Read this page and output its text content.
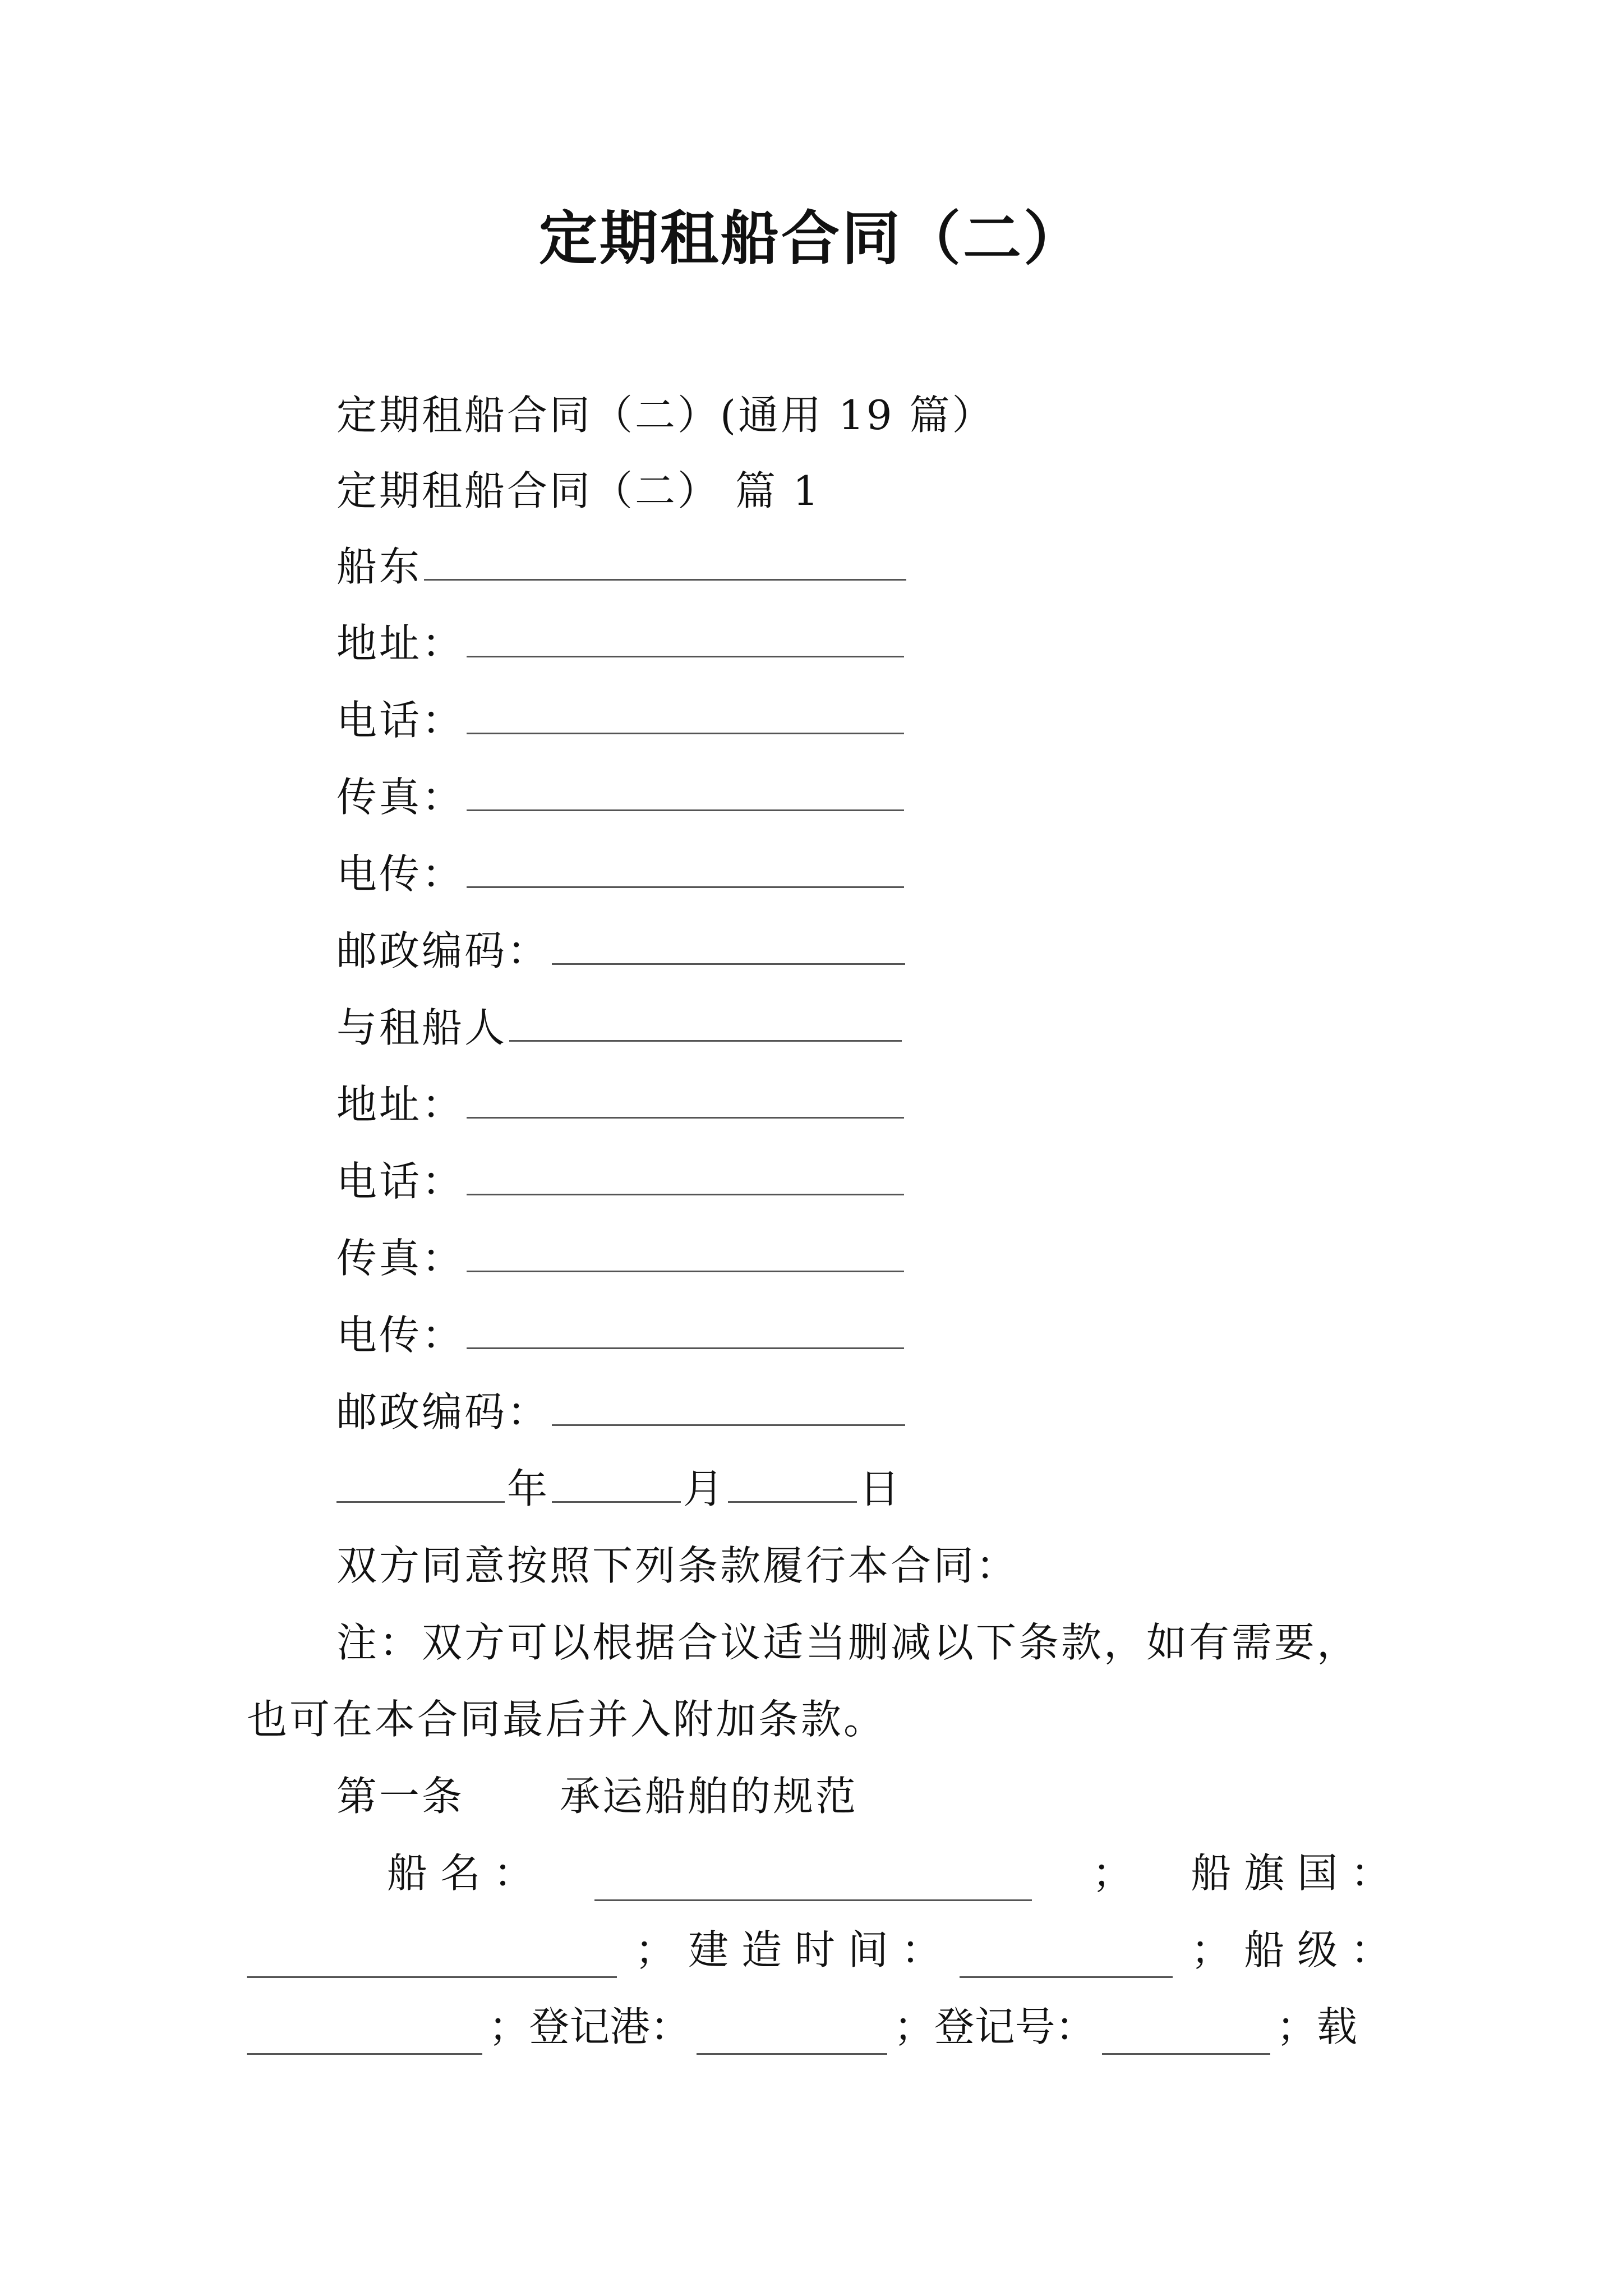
定期租船合同（二）
定期租船合同（二）(通用 19 篇）
定期租船合同（二） 篇 1
船东
地址：
电话：
传真：
电传：
邮政编码：
与租船人
地址：
电话：
传真：
电传：
邮政编码：
年	月	日
双方同意按照下列条款履行本合同：
注：双方可以根据合议适当删减以下条款，如有需要，
也可在本合同最后并入附加条款。
第一条 承运船舶的规范
船 名 ：	； 船 旗 国 ：
； 建 造 时 间 ：	； 船 级 ：
；登记港：	；登记号：	；载
